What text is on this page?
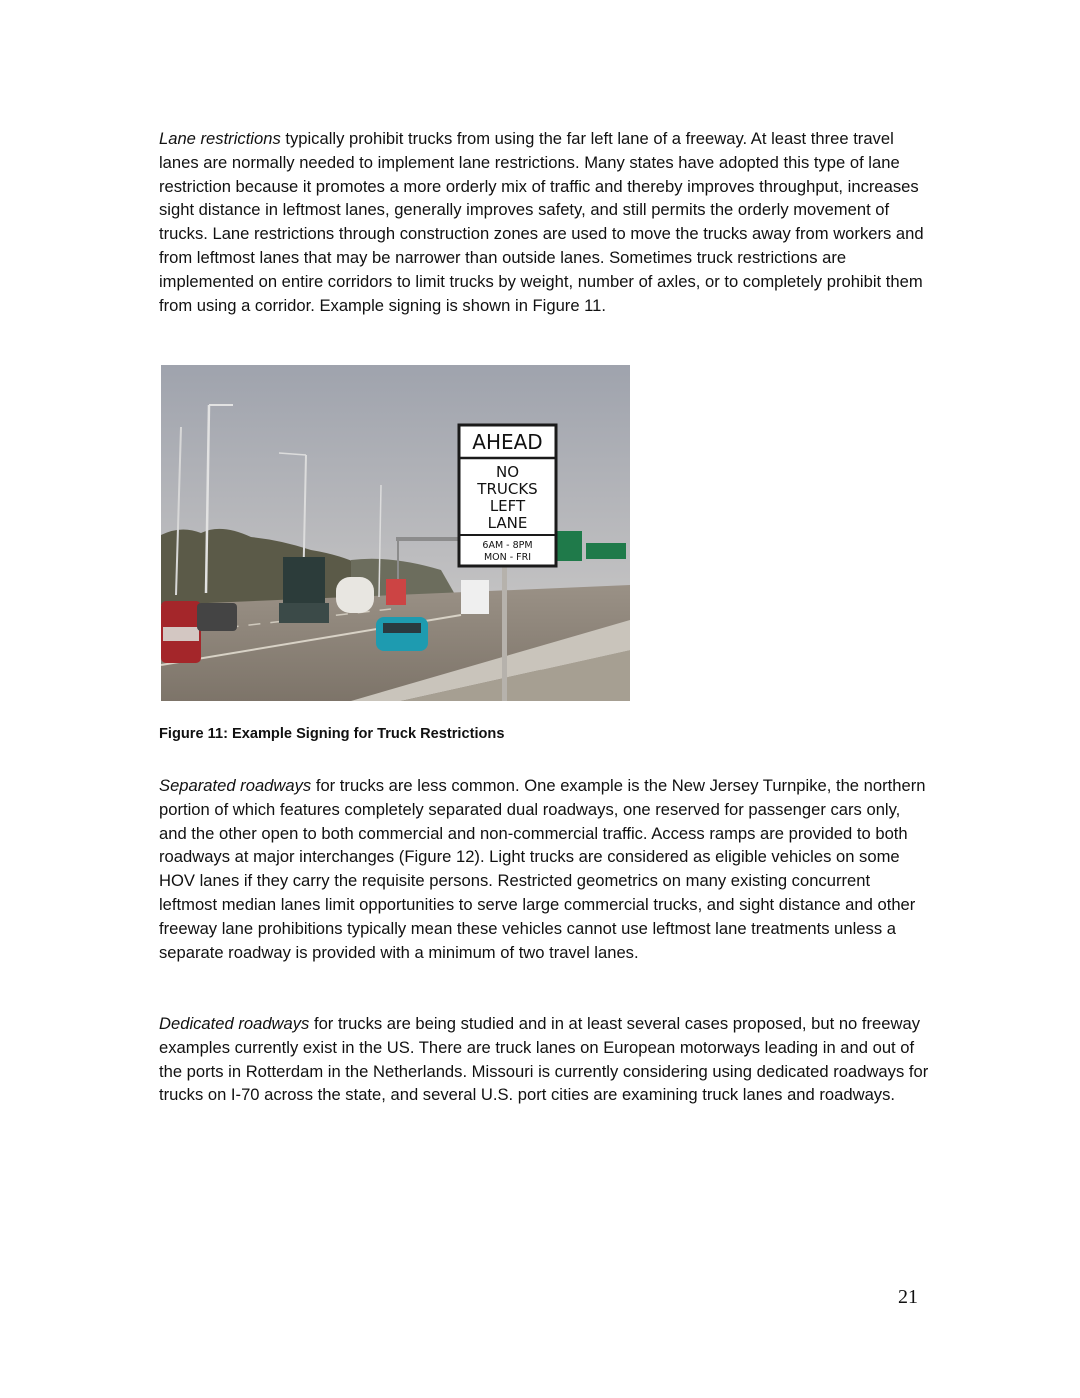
Lane restrictions typically prohibit trucks from using the far left lane of a freeway. At least three travel lanes are normally needed to implement lane restrictions. Many states have adopted this type of lane restriction because it promotes a more orderly mix of traffic and thereby improves throughput, increases sight distance in leftmost lanes, generally improves safety, and still permits the orderly movement of trucks. Lane restrictions through construction zones are used to move the trucks away from workers and from leftmost lanes that may be narrower than outside lanes. Sometimes truck restrictions are implemented on entire corridors to limit trucks by weight, number of axles, or to completely prohibit them from using a corridor. Example signing is shown in Figure 11.

AHEAD
NO
TRUCKS
LEFT
LANE
6AM - 8PM
MON - FRI

Figure 11: Example Signing for Truck Restrictions

Separated roadways for trucks are less common. One example is the New Jersey Turnpike, the northern portion of which features completely separated dual roadways, one reserved for passenger cars only, and the other open to both commercial and non-commercial traffic. Access ramps are provided to both roadways at major interchanges (Figure 12). Light trucks are considered as eligible vehicles on some HOV lanes if they carry the requisite persons. Restricted geometrics on many existing concurrent leftmost median lanes limit opportunities to serve large commercial trucks, and sight distance and other freeway lane prohibitions typically mean these vehicles cannot use leftmost lane treatments unless a separate roadway is provided with a minimum of two travel lanes.

Dedicated roadways for trucks are being studied and in at least several cases proposed, but no freeway examples currently exist in the US. There are truck lanes on European motorways leading in and out of the ports in Rotterdam in the Netherlands. Missouri is currently considering using dedicated roadways for trucks on I-70 across the state, and several U.S. port cities are examining truck lanes and roadways.

21
